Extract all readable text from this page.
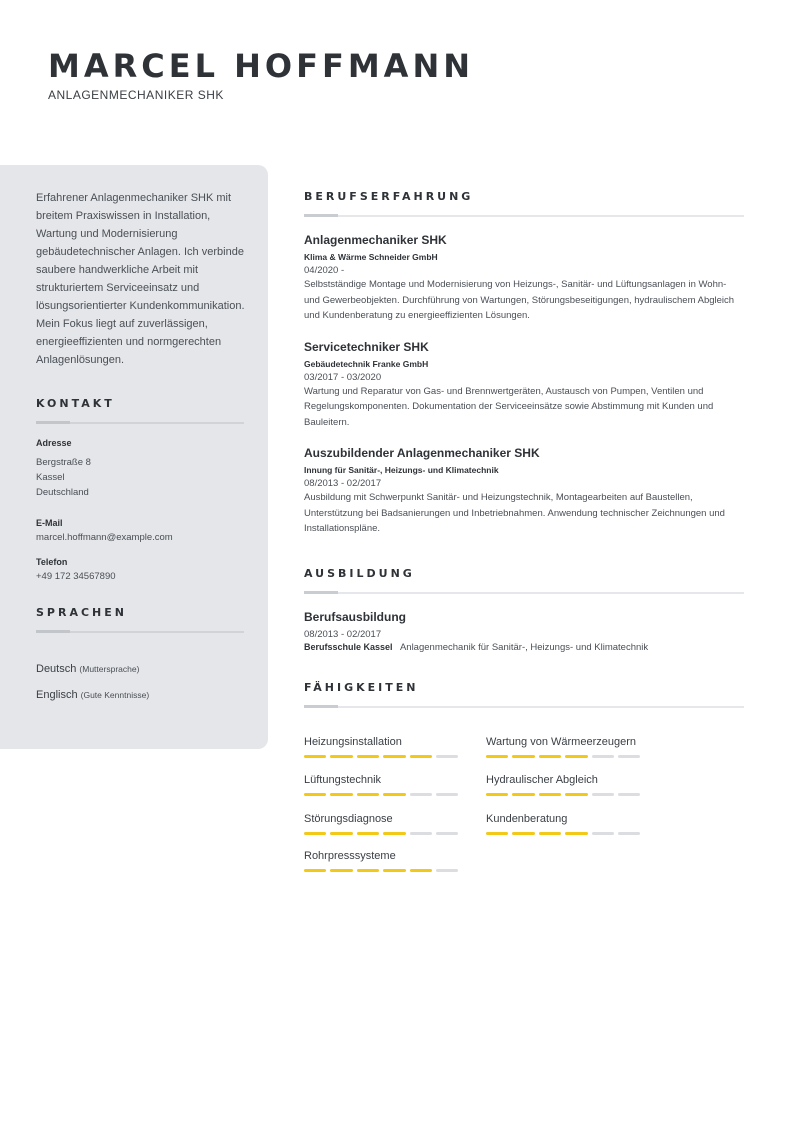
MARCEL HOFFMANN
ANLAGENMECHANIKER SHK

Erfahrener Anlagenmechaniker SHK mit breitem Praxiswissen in Installation, Wartung und Modernisierung gebäudetechnischer Anlagen. Ich verbinde saubere handwerkliche Arbeit mit strukturiertem Serviceeinsatz und lösungsorientierter Kundenkommunikation. Mein Fokus liegt auf zuverlässigen, energieeffizienten und normgerechten Anlagenlösungen.

KONTAKT
Adresse
Bergstraße 8
Kassel
Deutschland
E-Mail
marcel.hoffmann@example.com
Telefon
+49 172 34567890
SPRACHEN
Deutsch (Muttersprache)
Englisch (Gute Kenntnisse)
BERUFSERFAHRUNG
Anlagenmechaniker SHK
Klima & Wärme Schneider GmbH
04/2020 -
Selbstständige Montage und Modernisierung von Heizungs-, Sanitär- und Lüftungsanlagen in Wohn- und Gewerbeobjekten. Durchführung von Wartungen, Störungsbeseitigungen, hydraulischem Abgleich und Kundenberatung zu energieeffizienten Lösungen.
Servicetechniker SHK
Gebäudetechnik Franke GmbH
03/2017 - 03/2020
Wartung und Reparatur von Gas- und Brennwertgeräten, Austausch von Pumpen, Ventilen und Regelungskomponenten. Dokumentation der Serviceeinsätze sowie Abstimmung mit Kunden und Bauleitern.
Auszubildender Anlagenmechaniker SHK
Innung für Sanitär-, Heizungs- und Klimatechnik
08/2013 - 02/2017
Ausbildung mit Schwerpunkt Sanitär- und Heizungstechnik, Montagearbeiten auf Baustellen, Unterstützung bei Badsanierungen und Inbetriebnahmen. Anwendung technischer Zeichnungen und Installationspläne.
AUSBILDUNG
Berufsausbildung
08/2013 - 02/2017
Berufsschule Kassel Anlagenmechanik für Sanitär-, Heizungs- und Klimatechnik
FÄHIGKEITEN
Heizungsinstallation	Wartung von Wärmeerzeugern
Lüftungstechnik	Hydraulischer Abgleich
Störungsdiagnose	Kundenberatung
Rohrpresssysteme
